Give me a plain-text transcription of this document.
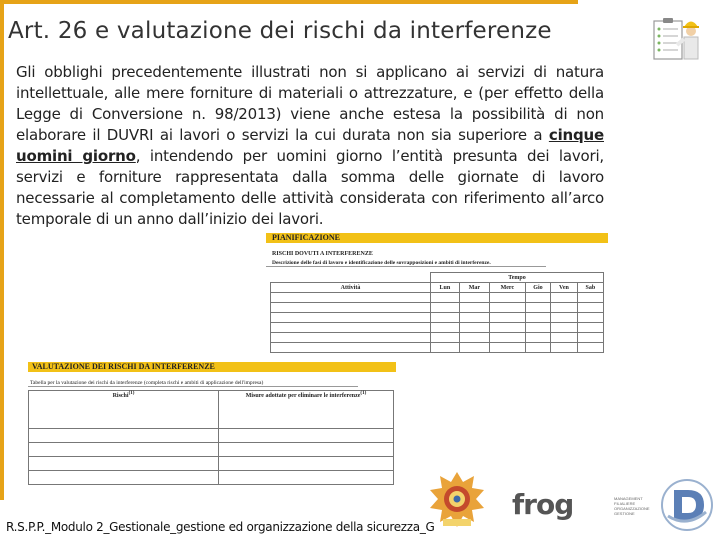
Art. 26 e valutazione dei rischi da interferenze
Gli obblighi precedentemente illustrati non si applicano ai servizi di natura intellettuale, alle mere forniture di materiali o attrezzature, e (per effetto della Legge di Conversione n. 98/2013) viene anche estesa la possibilità di non elaborare il DUVRI ai lavori o servizi la cui durata non sia superiore a cinque uomini giorno, intendendo per uomini giorno l’entità presunta dei lavori, servizi e forniture rappresentata dalla somma delle giornate di lavoro necessarie al completamento delle attività considerata con riferimento all’arco temporale di un anno dall’inizio dei lavori.
PIANIFICAZIONE
RISCHI DOVUTI A INTERFERENZE
Descrizione delle fasi di lavoro e identificazione delle sovrapposizioni e ambiti di interferenze.
	Tempo					
Attività	Lun	Mar	Merc	Gio	Ven	Sab

VALUTAZIONE DEI RISCHI DA INTERFERENZE
Tabella per la valutazione dei rischi da interferenze (completa rischi e ambiti di applicazione dell'impresa)
Rischi$^{(1)}$	Misure adottate per eliminare le interferenze$^{(1)}$

R.S.P.P._Modulo 2_Gestionale_gestione ed organizzazione della sicurezza_G
frog	MANAGEMENT FILIALIERE ORGANIZZAZIONE GESTIONE
